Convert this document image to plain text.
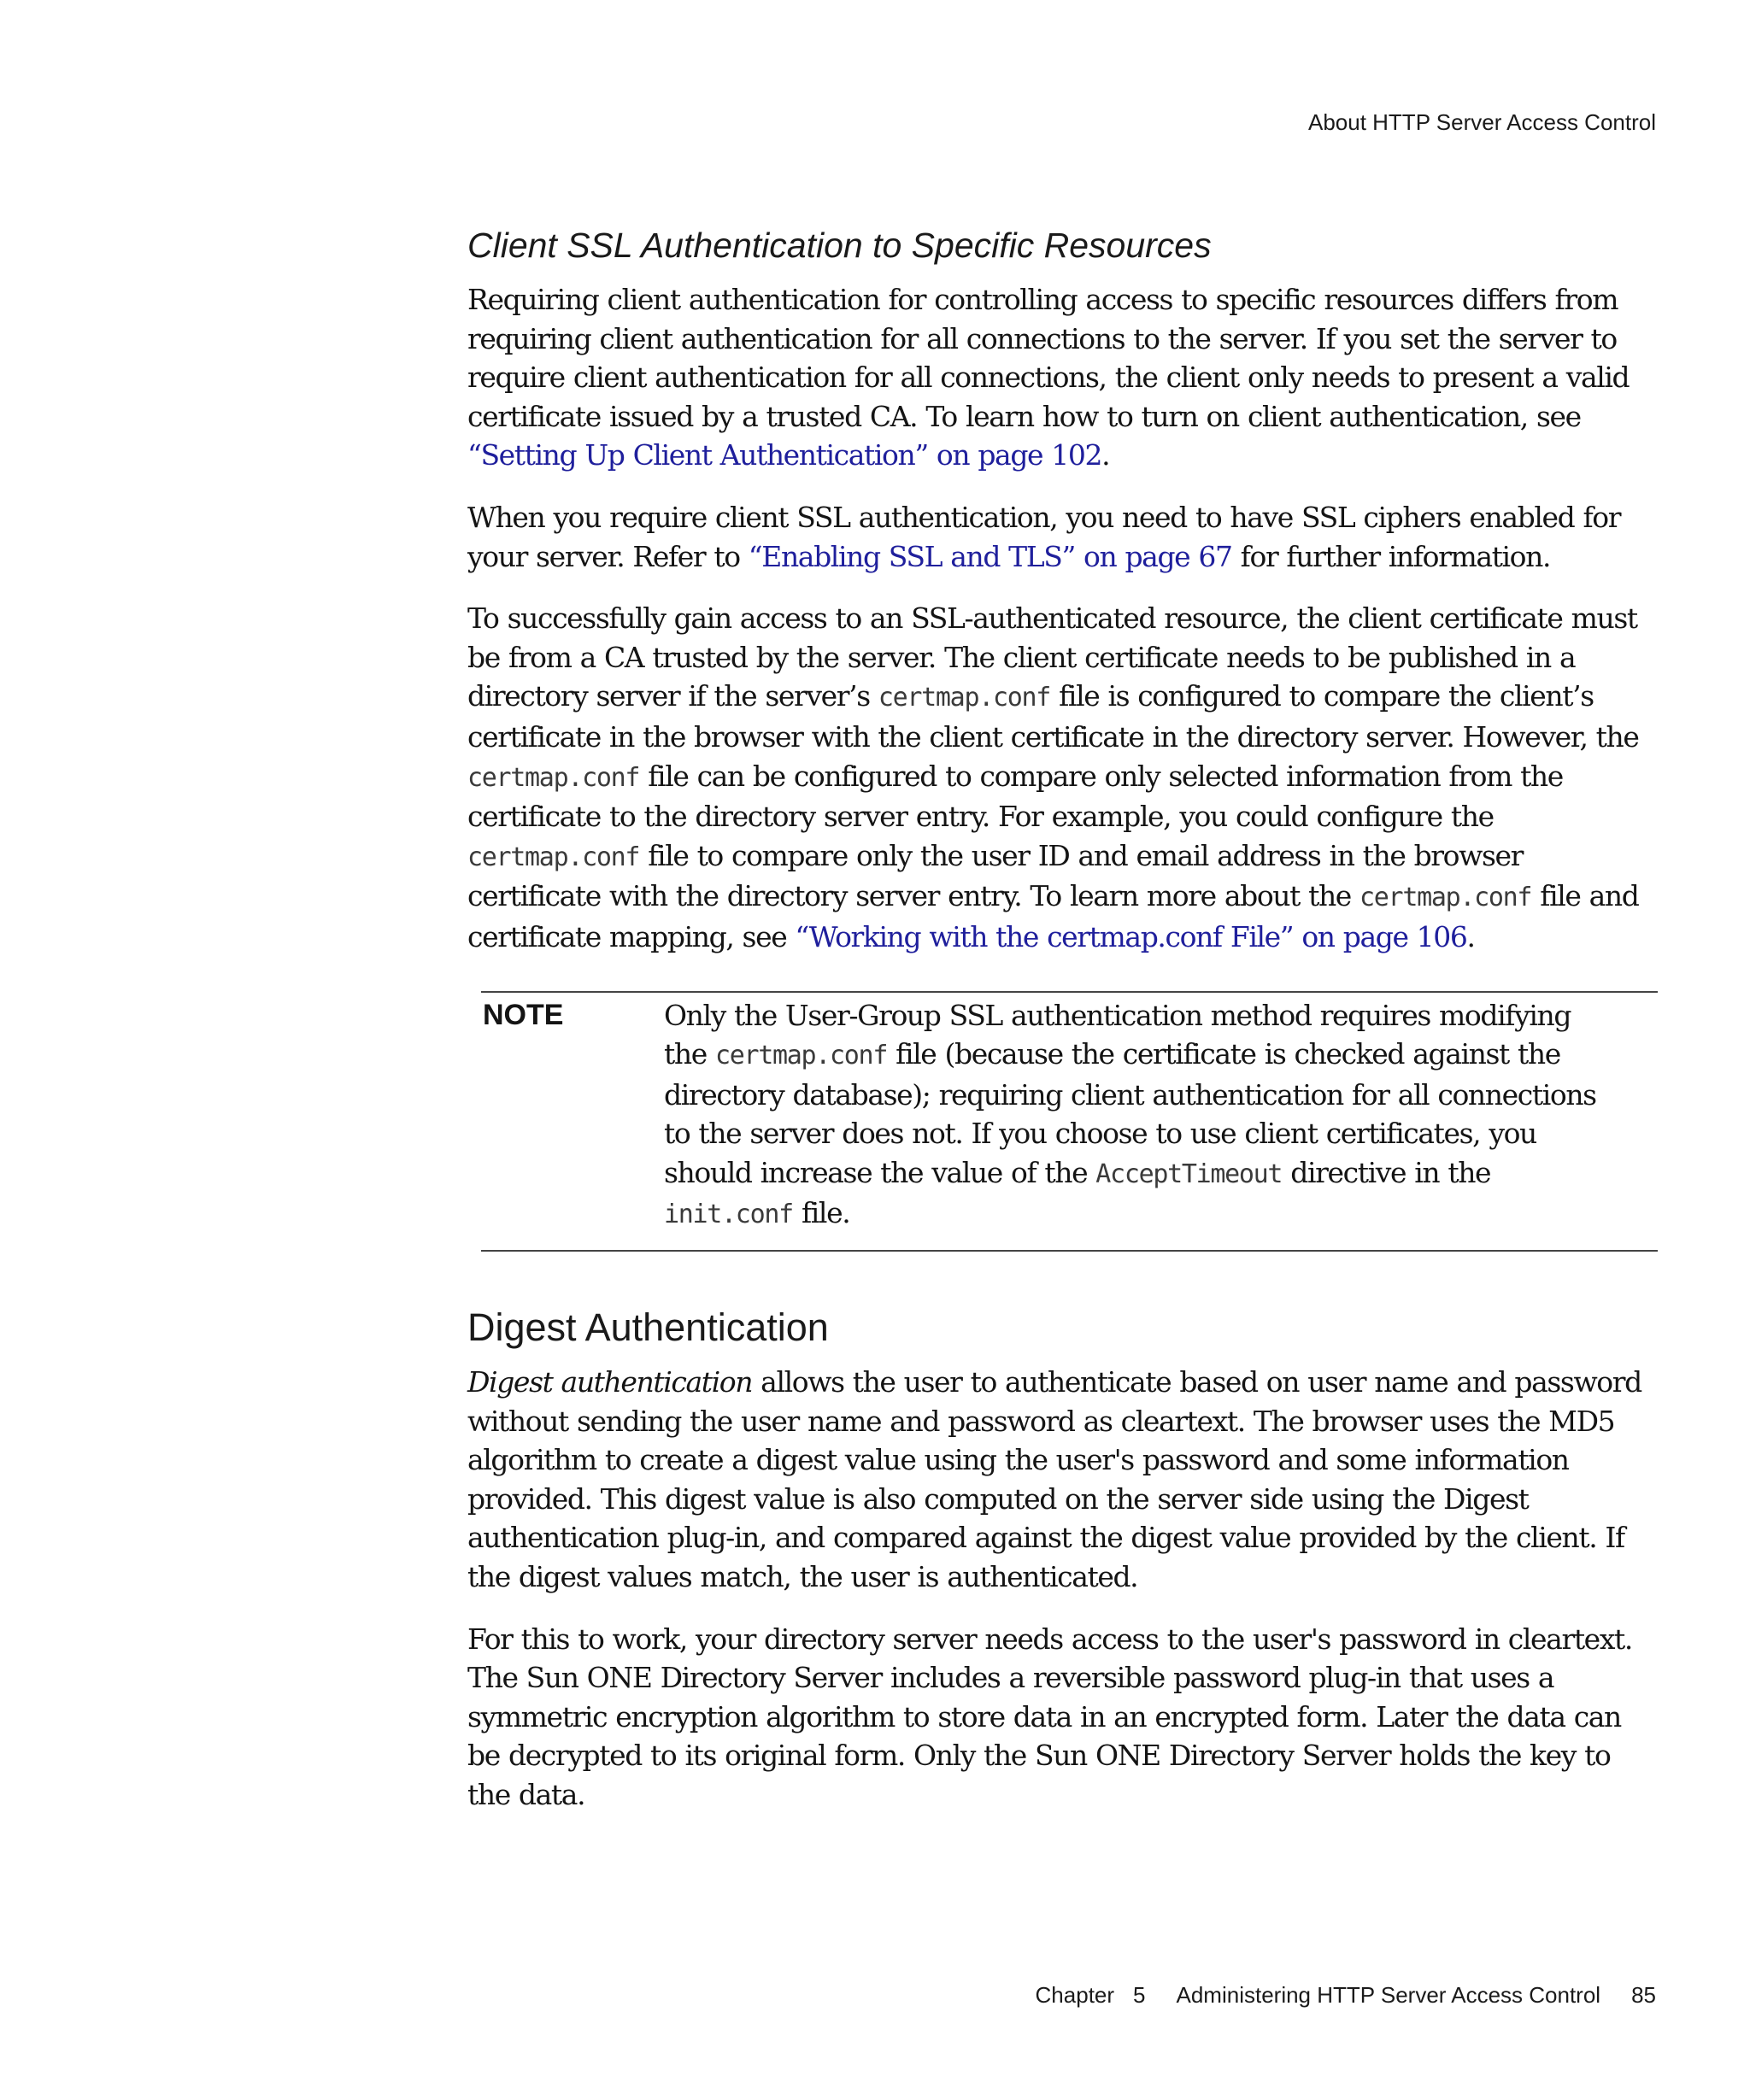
About HTTP Server Access Control
Client SSL Authentication to Specific Resources

Requiring client authentication for controlling access to specific resources differs from requiring client authentication for all connections to the server. If you set the server to require client authentication for all connections, the client only needs to present a valid certificate issued by a trusted CA. To learn how to turn on client authentication, see “Setting Up Client Authentication” on page 102.

When you require client SSL authentication, you need to have SSL ciphers enabled for your server. Refer to “Enabling SSL and TLS” on page 67 for further information.

To successfully gain access to an SSL-authenticated resource, the client certificate must be from a CA trusted by the server. The client certificate needs to be published in a directory server if the server’s certmap.conf file is configured to compare the client’s certificate in the browser with the client certificate in the directory server. However, the certmap.conf file can be configured to compare only selected information from the certificate to the directory server entry. For example, you could configure the certmap.conf file to compare only the user ID and email address in the browser certificate with the directory server entry. To learn more about the certmap.conf file and certificate mapping, see “Working with the certmap.conf File” on page 106.

NOTE	Only the User-Group SSL authentication method requires modifying the certmap.conf file (because the certificate is checked against the directory database); requiring client authentication for all connections to the server does not. If you choose to use client certificates, you should increase the value of the AcceptTimeout directive in the init.conf file.
Digest Authentication

Digest authentication allows the user to authenticate based on user name and password without sending the user name and password as cleartext. The browser uses the MD5 algorithm to create a digest value using the user's password and some information provided. This digest value is also computed on the server side using the Digest authentication plug-in, and compared against the digest value provided by the client. If the digest values match, the user is authenticated.

For this to work, your directory server needs access to the user's password in cleartext. The Sun ONE Directory Server includes a reversible password plug-in that uses a symmetric encryption algorithm to store data in an encrypted form. Later the data can be decrypted to its original form. Only the Sun ONE Directory Server holds the key to the data.

Chapter 5 Administering HTTP Server Access Control 85
